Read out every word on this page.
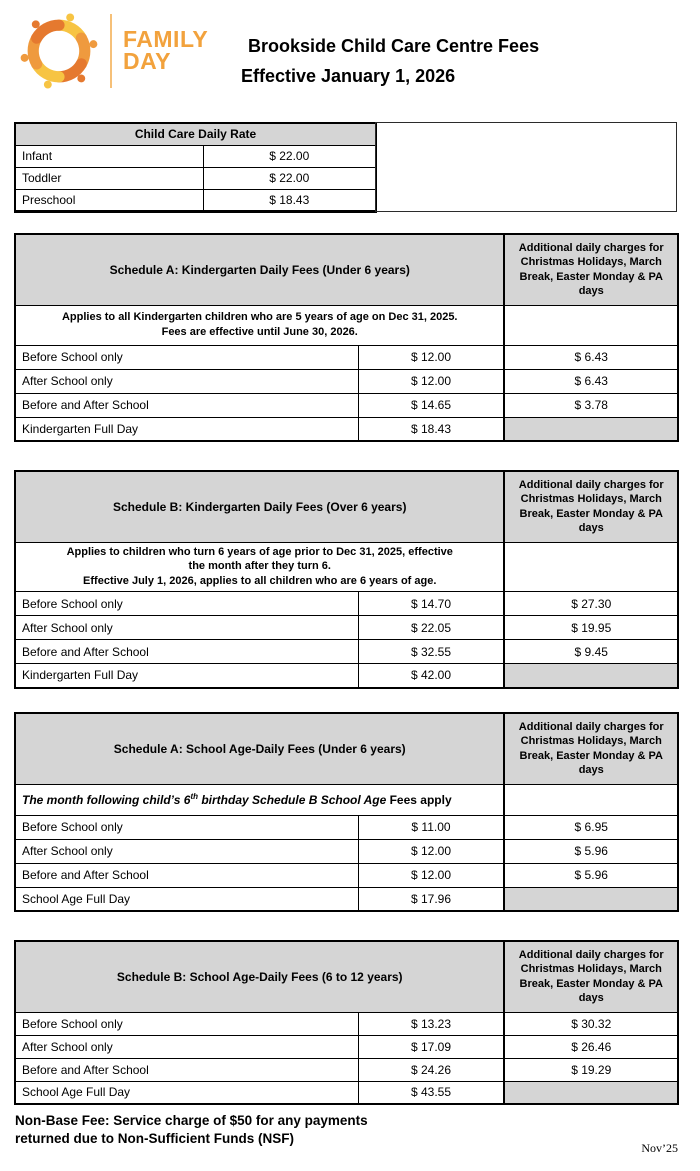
FAMILY
DAY
Brookside Child Care Centre Fees
Effective January 1, 2026
Child Care Daily Rate	
Infant	$ 22.00
Toddler	$ 22.00
Preschool	$ 18.43
Schedule A: Kindergarten Daily Fees (Under 6 years)		Additional daily charges for Christmas Holidays, March Break, Easter Monday & PA days

Applies to all Kindergarten children who are 5 years of age on Dec 31, 2025.
Fees are effective until June 30, 2026.		

Before School only	$ 12.00	$ 6.43
After School only	$ 12.00	$ 6.43
Before and After School	$ 14.65	$ 3.78
Kindergarten Full Day	$ 18.43	
Schedule B: Kindergarten Daily Fees (Over 6 years)		Additional daily charges for Christmas Holidays, March Break, Easter Monday & PA days

Applies to children who turn 6 years of age prior to Dec 31, 2025, effective
the month after they turn 6.
Effective July 1, 2026, applies to all children who are 6 years of age.		

Before School only	$ 14.70	$ 27.30
After School only	$ 22.05	$ 19.95
Before and After School	$ 32.55	$ 9.45
Kindergarten Full Day	$ 42.00	
Schedule A: School Age-Daily Fees (Under 6 years)		Additional daily charges for Christmas Holidays, March Break, Easter Monday & PA days
The month following child’s 6th birthday Schedule B School Age Fees apply		
Before School only	$ 11.00	$ 6.95
After School only	$ 12.00	$ 5.96
Before and After School	$ 12.00	$ 5.96
School Age Full Day	$ 17.96	
Schedule B: School Age-Daily Fees (6 to 12 years)		Additional daily charges for Christmas Holidays, March Break, Easter Monday & PA days
Before School only	$ 13.23	$ 30.32
After School only	$ 17.09	$ 26.46
Before and After School	$ 24.26	$ 19.29
School Age Full Day	$ 43.55	
Non-Base Fee: Service charge of $50 for any payments
returned due to Non-Sufficient Funds (NSF)
Nov’25
